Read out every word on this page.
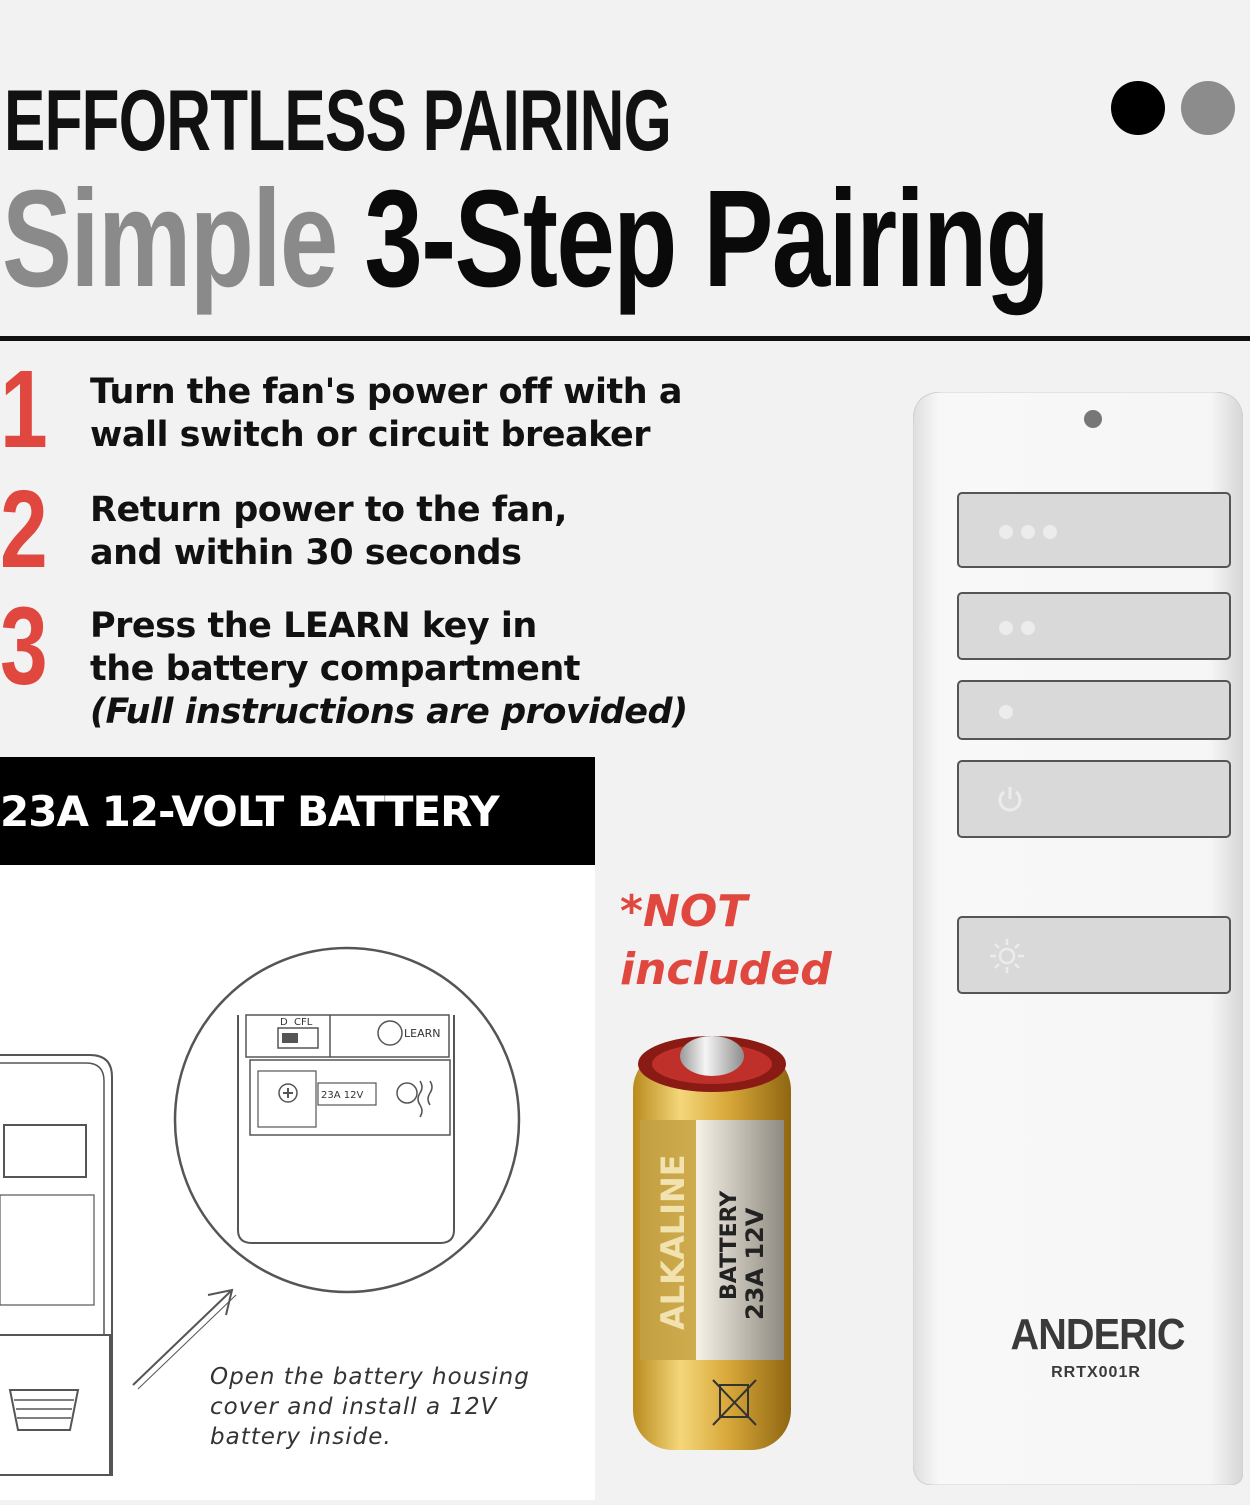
EFFORTLESS PAIRING
Simple 3-Step Pairing
1 Turn the fan's power off with a
wall switch or circuit breaker

2 Return power to the fan,
and within 30 seconds

3 Press the LEARN key in
the battery compartment
(Full instructions are provided)

23A 12-VOLT BATTERY
D CFL
LEARN
23A 12V

Open the battery housing
cover and install a 12V
battery inside.

*NOT
included

ALKALINE BATTERY 23A 12V
ANDERIC
RRTX001R
